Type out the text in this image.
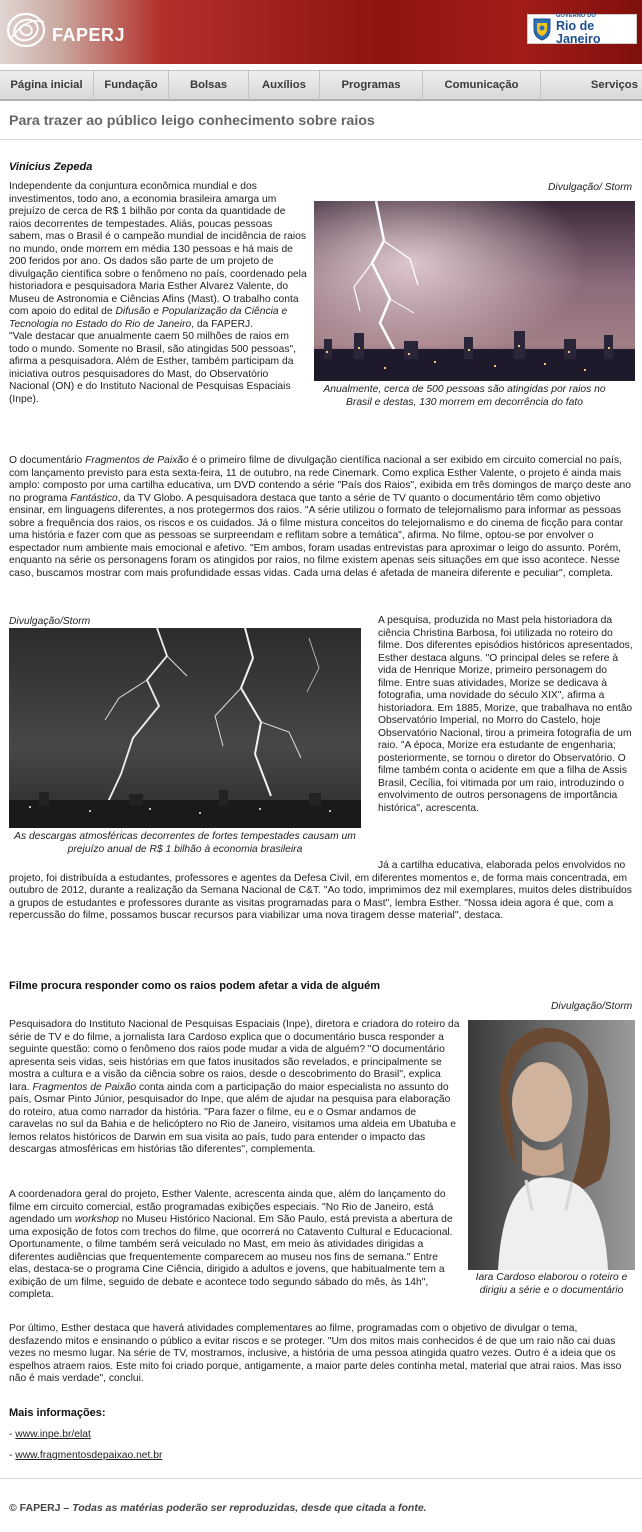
FAPERJ
GOVERNO DO
Rio de Janeiro
Página inicial	Fundação	Bolsas	Auxílios	Programas	Comunicação	Serviços
Para trazer ao público leigo conhecimento sobre raios
Vinicius Zepeda
Divulgação/ Storm
Anualmente, cerca de 500 pessoas são atingidas por raios no Brasil e destas, 130 morrem em decorrência do fato
Independente da conjuntura econômica mundial e dos investimentos, todo ano, a economia brasileira amarga um prejuízo de cerca de R$ 1 bilhão por conta da quantidade de raios decorrentes de tempestades. Aliás, poucas pessoas sabem, mas o Brasil é o campeão mundial de incidência de raios no mundo, onde morrem em média 130 pessoas e há mais de 200 feridos por ano. Os dados são parte de um projeto de divulgação científica sobre o fenômeno no país, coordenado pela historiadora e pesquisadora Maria Esther Alvarez Valente, do Museu de Astronomia e Ciências Afins (Mast). O trabalho conta com apoio do edital de Difusão e Popularização da Ciência e Tecnologia no Estado do Rio de Janeiro, da FAPERJ.
"Vale destacar que anualmente caem 50 milhões de raios em todo o mundo. Somente no Brasil, são atingidas 500 pessoas", afirma a pesquisadora. Além de Esther, também participam da iniciativa outros pesquisadores do Mast, do Observatório Nacional (ON) e do Instituto Nacional de Pesquisas Espaciais (Inpe).
O documentário Fragmentos de Paixão é o primeiro filme de divulgação científica nacional a ser exibido em circuito comercial no país, com lançamento previsto para esta sexta-feira, 11 de outubro, na rede Cinemark. Como explica Esther Valente, o projeto é ainda mais amplo: composto por uma cartilha educativa, um DVD contendo a série "País dos Raios", exibida em três domingos de março deste ano no programa Fantástico, da TV Globo. A pesquisadora destaca que tanto a série de TV quanto o documentário têm como objetivo ensinar, em linguagens diferentes, a nos protegermos dos raios. "A série utilizou o formato de telejornalismo para informar as pessoas sobre a frequência dos raios, os riscos e os cuidados. Já o filme mistura conceitos do telejornalismo e do cinema de ficção para contar uma história e fazer com que as pessoas se surpreendam e reflitam sobre a temática", afirma. No filme, optou-se por envolver o espectador num ambiente mais emocional e afetivo. "Em ambos, foram usadas entrevistas para aproximar o leigo do assunto. Porém, enquanto na série os personagens foram os atingidos por raios, no filme existem apenas seis situações em que isso acontece. Nesse caso, buscamos mostrar com mais profundidade essas vidas. Cada uma delas é afetada de maneira diferente e peculiar", completa.
Divulgação/Storm
As descargas atmosféricas decorrentes de fortes tempestades causam um prejuízo anual de R$ 1 bilhão à economia brasileira
A pesquisa, produzida no Mast pela historiadora da ciência Christina Barbosa, foi utilizada no roteiro do filme. Dos diferentes episódios históricos apresentados, Esther destaca alguns. "O principal deles se refere à vida de Henrique Morize, primeiro personagem do filme. Entre suas atividades, Morize se dedicava à fotografia, uma novidade do século XIX", afirma a historiadora. Em 1885, Morize, que trabalhava no então Observatório Imperial, no Morro do Castelo, hoje Observatório Nacional, tirou a primeira fotografia de um raio. "A época, Morize era estudante de engenharia; posteriormente, se tornou o diretor do Observatório. O filme também conta o acidente em que a filha de Assis Brasil, Cecília, foi vitimada por um raio, introduzindo o envolvimento de outros personagens de importância histórica", acrescenta.
Já a cartilha educativa, elaborada pelos envolvidos no projeto, foi distribuída a estudantes, professores e agentes da Defesa Civil, em diferentes momentos e, de forma mais concentrada, em outubro de 2012, durante a realização da Semana Nacional de C&T. "Ao todo, imprimimos dez mil exemplares, muitos deles distribuídos a grupos de estudantes e professores durante as visitas programadas para o Mast", lembra Esther. "Nossa ideia agora é que, com a repercussão do filme, possamos buscar recursos para viabilizar uma nova tiragem desse material", destaca.
Filme procura responder como os raios podem afetar a vida de alguém
Divulgação/Storm
Iara Cardoso elaborou o roteiro e dirigiu a série e o documentário
Pesquisadora do Instituto Nacional de Pesquisas Espaciais (Inpe), diretora e criadora do roteiro da série de TV e do filme, a jornalista Iara Cardoso explica que o documentário busca responder a seguinte questão: como o fenômeno dos raios pode mudar a vida de alguém? "O documentário apresenta seis vidas, seis histórias em que fatos inusitados são revelados, e principalmente se mostra a cultura e a visão da ciência sobre os raios, desde o descobrimento do Brasil", explica Iara. Fragmentos de Paixão conta ainda com a participação do maior especialista no assunto do país, Osmar Pinto Júnior, pesquisador do Inpe, que além de ajudar na pesquisa para elaboração do roteiro, atua como narrador da história. "Para fazer o filme, eu e o Osmar andamos de caravelas no sul da Bahia e de helicóptero no Rio de Janeiro, visitamos uma aldeia em Ubatuba e lemos relatos históricos de Darwin em sua visita ao país, tudo para entender o impacto das descargas atmosféricas em histórias tão diferentes", complementa.
A coordenadora geral do projeto, Esther Valente, acrescenta ainda que, além do lançamento do filme em circuito comercial, estão programadas exibições especiais. "No Rio de Janeiro, está agendado um workshop no Museu Histórico Nacional. Em São Paulo, está prevista a abertura de uma exposição de fotos com trechos do filme, que ocorrerá no Catavento Cultural e Educacional. Oportunamente, o filme também será veiculado no Mast, em meio às atividades dirigidas a diferentes audiências que frequentemente comparecem ao museu nos fins de semana." Entre elas, destaca-se o programa Cine Ciência, dirigido a adultos e jovens, que habitualmente tem a exibição de um filme, seguido de debate e acontece todo segundo sábado do mês, às 14h", completa.
Por último, Esther destaca que haverá atividades complementares ao filme, programadas com o objetivo de divulgar o tema, desfazendo mitos e ensinando o público a evitar riscos e se proteger. "Um dos mitos mais conhecidos é de que um raio não cai duas vezes no mesmo lugar. Na série de TV, mostramos, inclusive, a história de uma pessoa atingida quatro vezes. Outro é a ideia que os espelhos atraem raios. Este mito foi criado porque, antigamente, a maior parte deles continha metal, material que atrai raios. Mas isso não é mais verdade", conclui.
Mais informações:
- www.inpe.br/elat
- www.fragmentosdepaixao.net.br
© FAPERJ – Todas as matérias poderão ser reproduzidas, desde que citada a fonte.
